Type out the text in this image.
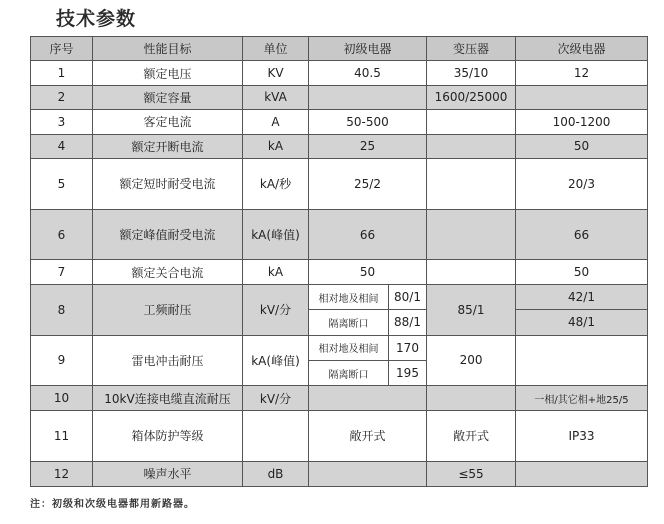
技术参数
序号	性能目标	单位	初级电器		变压器	次级电器
1	额定电压	KV	40.5		35/10	12
2	额定容量	kVA			1600/25000	
3	客定电流	A	50-500			100-1200
4	额定开断电流	kA	25			50
5	额定短时耐受电流	kA/秒	25/2			20/3
6	额定峰值耐受电流	kA(峰值)	66			66
7	额定关合电流	kA	50			50
8	工频耐压	kV/分	相对地及相间	80/1	85/1	42/1
			隔离断口	88/1		48/1
9	雷电冲击耐压	kA(峰值)	相对地及相间	170	200	
			隔离断口	195		
10	10kV连接电缆直流耐压	kV/分				一相/其它相+地25/5
11	箱体防护等级		敞开式		敞开式	IP33
12	噪声水平	dB			≤55	
注：初级和次级电器都用新路器。
